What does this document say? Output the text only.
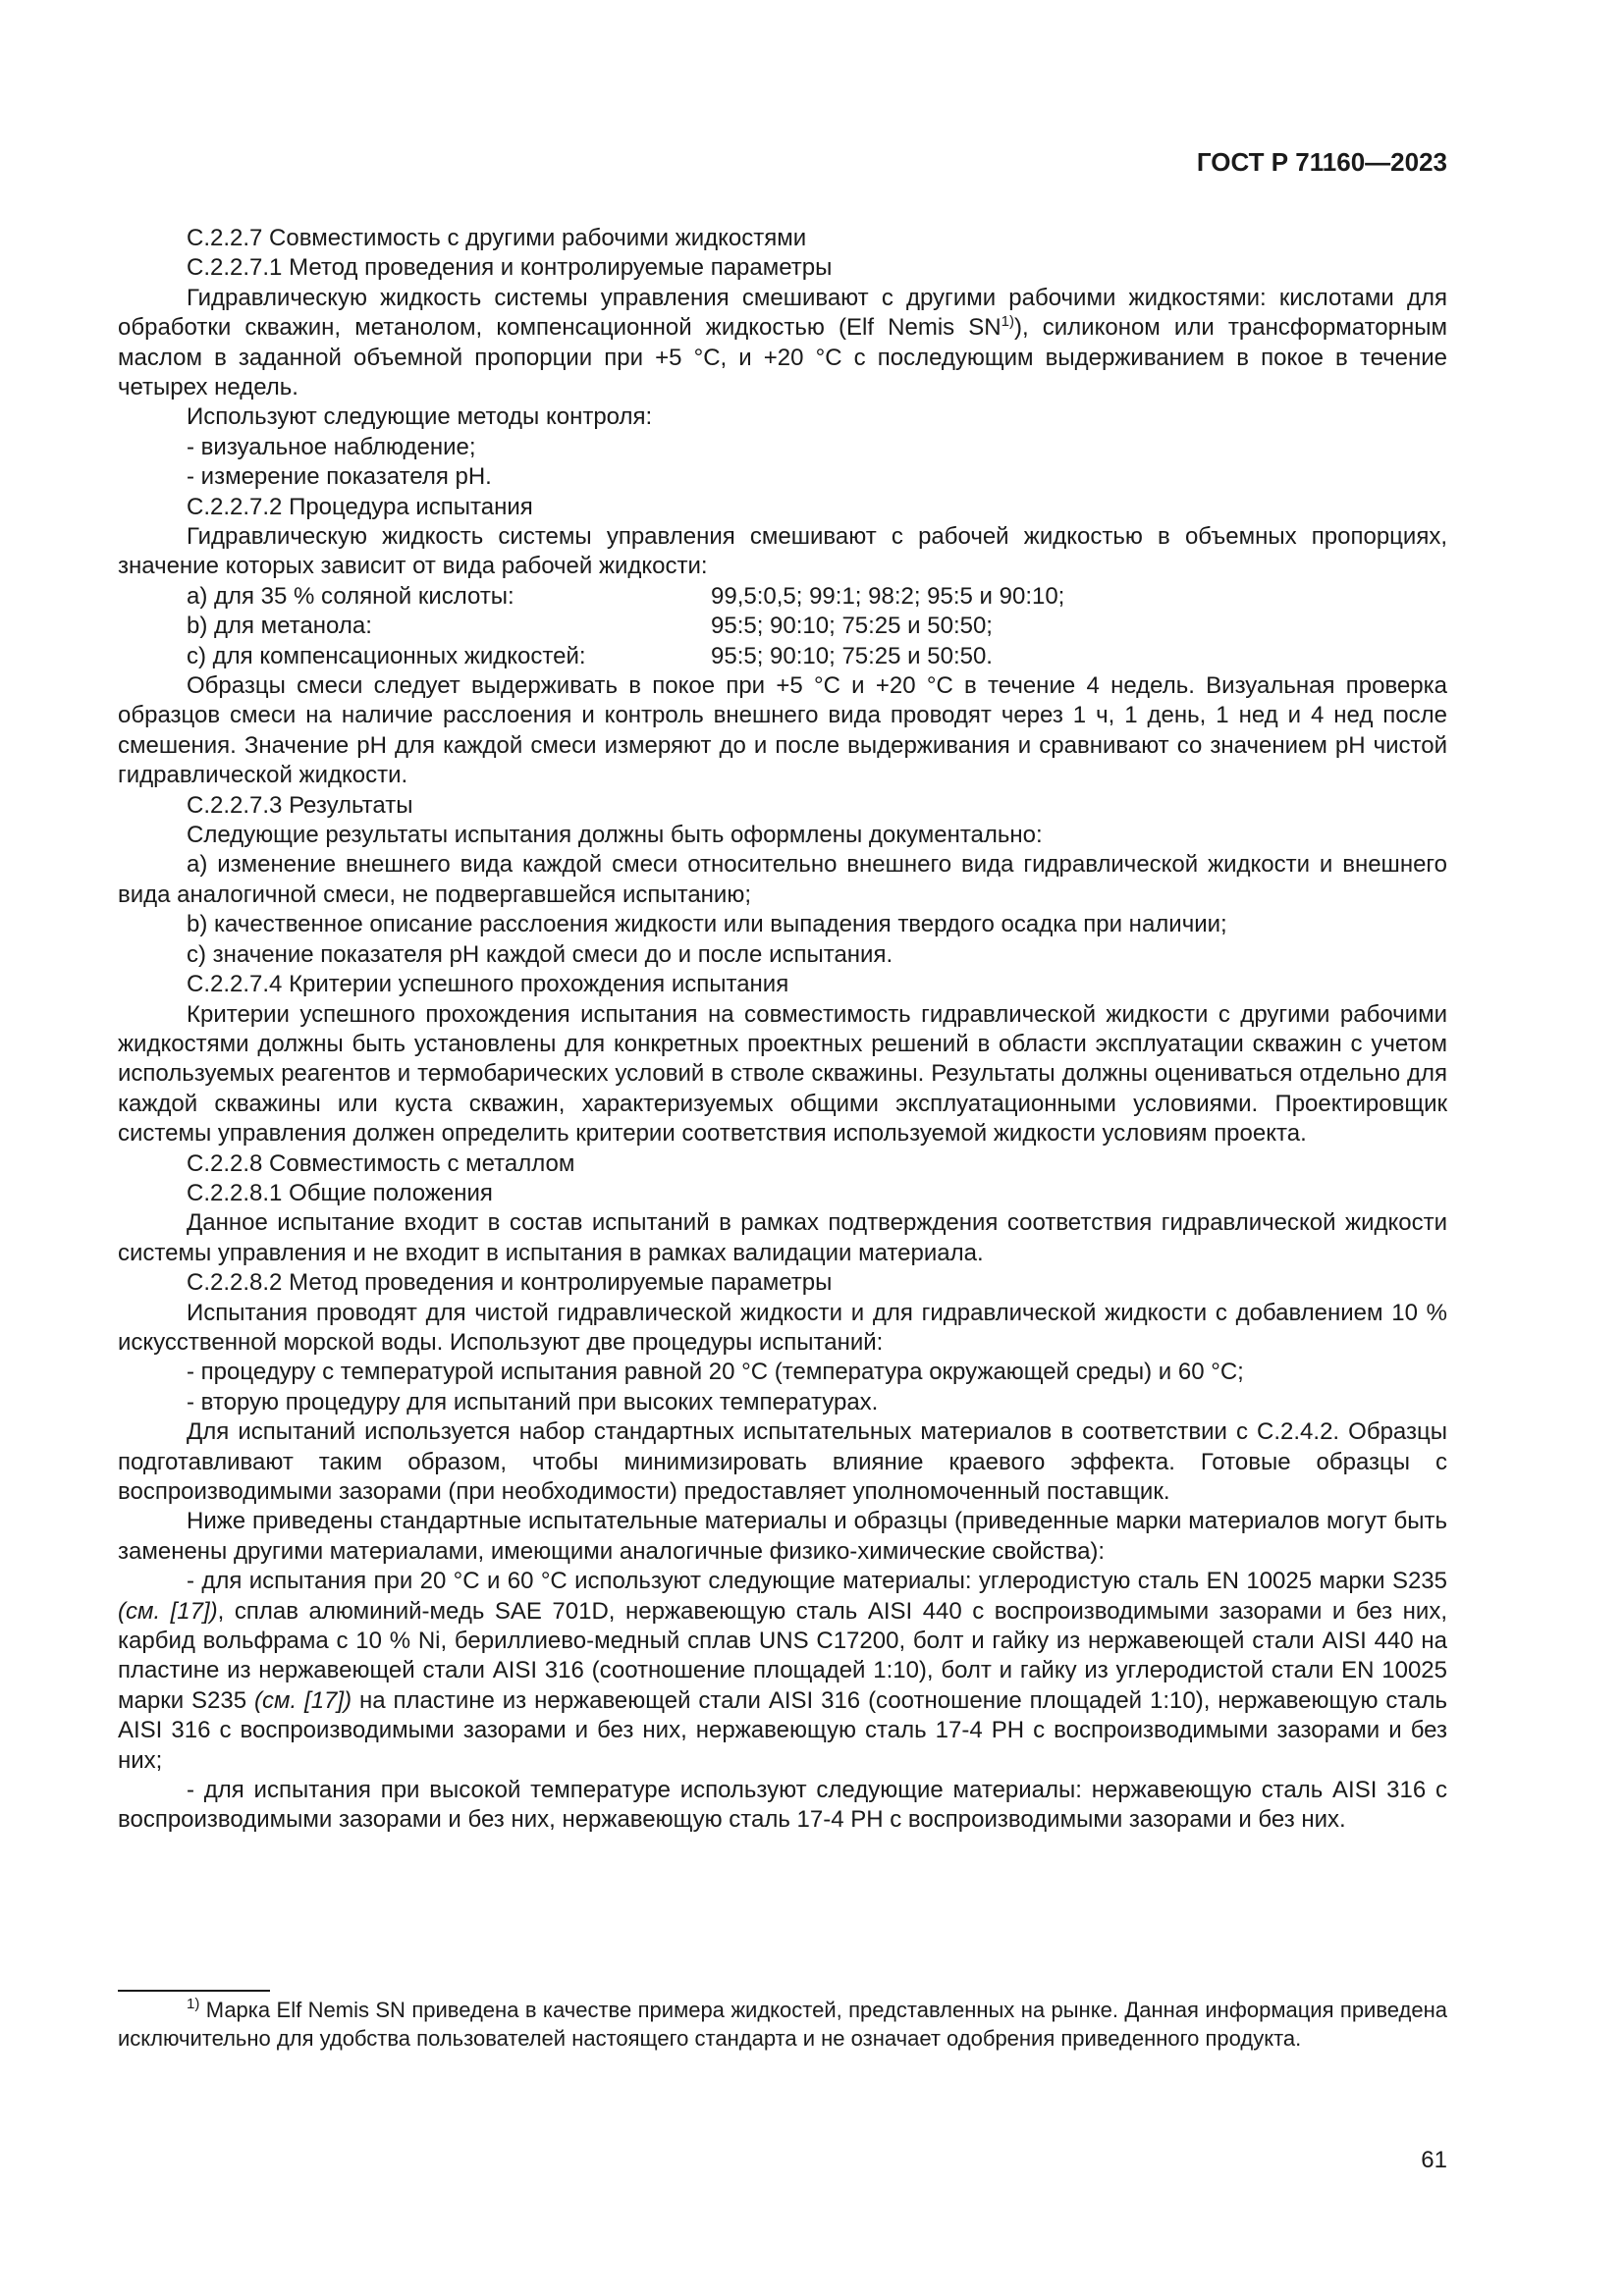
ГОСТ Р 71160—2023

С.2.2.7 Совместимость с другими рабочими жидкостями

С.2.2.7.1 Метод проведения и контролируемые параметры

Гидравлическую жидкость системы управления смешивают с другими рабочими жидкостями: кислотами для обработки скважин, метанолом, компенсационной жидкостью (Elf Nemis SN$^{1)}$), силиконом или трансформаторным маслом в заданной объемной пропорции при +5 °С, и +20 °С с последующим выдерживанием в покое в течение четырех недель.

Используют следующие методы контроля:

- визуальное наблюдение;

- измерение показателя pH.

С.2.2.7.2 Процедура испытания

Гидравлическую жидкость системы управления смешивают с рабочей жидкостью в объемных пропорциях, значение которых зависит от вида рабочей жидкости:

a) для 35 % соляной кислоты:	99,5:0,5; 99:1; 98:2; 95:5 и 90:10;
b) для метанола:	95:5; 90:10; 75:25 и 50:50;
c) для компенсационных жидкостей:	95:5; 90:10; 75:25 и 50:50.

Образцы смеси следует выдерживать в покое при +5 °С и +20 °С в течение 4 недель. Визуальная проверка образцов смеси на наличие расслоения и контроль внешнего вида проводят через 1 ч, 1 день, 1 нед и 4 нед после смешения. Значение pH для каждой смеси измеряют до и после выдерживания и сравнивают со значением pH чистой гидравлической жидкости.

С.2.2.7.3 Результаты

Следующие результаты испытания должны быть оформлены документально:

a) изменение внешнего вида каждой смеси относительно внешнего вида гидравлической жидкости и внешнего вида аналогичной смеси, не подвергавшейся испытанию;

b) качественное описание расслоения жидкости или выпадения твердого осадка при наличии;

c) значение показателя pH каждой смеси до и после испытания.

С.2.2.7.4 Критерии успешного прохождения испытания

Критерии успешного прохождения испытания на совместимость гидравлической жидкости с другими рабочими жидкостями должны быть установлены для конкретных проектных решений в области эксплуатации скважин с учетом используемых реагентов и термобарических условий в стволе скважины. Результаты должны оцениваться отдельно для каждой скважины или куста скважин, характеризуемых общими эксплуатационными условиями. Проектировщик системы управления должен определить критерии соответствия используемой жидкости условиям проекта.

С.2.2.8 Совместимость с металлом

С.2.2.8.1 Общие положения

Данное испытание входит в состав испытаний в рамках подтверждения соответствия гидравлической жидкости системы управления и не входит в испытания в рамках валидации материала.

С.2.2.8.2 Метод проведения и контролируемые параметры

Испытания проводят для чистой гидравлической жидкости и для гидравлической жидкости с добавлением 10 % искусственной морской воды. Используют две процедуры испытаний:

- процедуру с температурой испытания равной 20 °С (температура окружающей среды) и 60 °С;

- вторую процедуру для испытаний при высоких температурах.

Для испытаний используется набор стандартных испытательных материалов в соответствии с С.2.4.2. Образцы подготавливают таким образом, чтобы минимизировать влияние краевого эффекта. Готовые образцы с воспроизводимыми зазорами (при необходимости) предоставляет уполномоченный поставщик.

Ниже приведены стандартные испытательные материалы и образцы (приведенные марки материалов могут быть заменены другими материалами, имеющими аналогичные физико-химические свойства):

- для испытания при 20 °С и 60 °С используют следующие материалы: углеродистую сталь EN 10025 марки S235 (см. [17]), сплав алюминий-медь SAE 701D, нержавеющую сталь AISI 440 с воспроизводимыми зазорами и без них, карбид вольфрама с 10 % Ni, бериллиево-медный сплав UNS C17200, болт и гайку из нержавеющей стали AISI 440 на пластине из нержавеющей стали AISI 316 (соотношение площадей 1:10), болт и гайку из углеродистой стали EN 10025 марки S235 (см. [17]) на пластине из нержавеющей стали AISI 316 (соотношение площадей 1:10), нержавеющую сталь AISI 316 с воспроизводимыми зазорами и без них, нержавеющую сталь 17-4 PH с воспроизводимыми зазорами и без них;

- для испытания при высокой температуре используют следующие материалы: нержавеющую сталь AISI 316 с воспроизводимыми зазорами и без них, нержавеющую сталь 17-4 PH с воспроизводимыми зазорами и без них.

$^{1)}$ Марка Elf Nemis SN приведена в качестве примера жидкостей, представленных на рынке. Данная информация приведена исключительно для удобства пользователей настоящего стандарта и не означает одобрения приведенного продукта.

61
